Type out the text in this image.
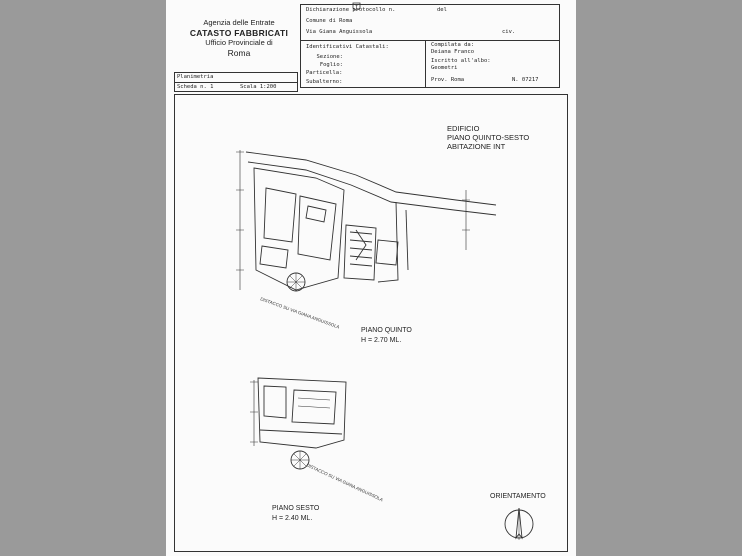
Agenzia delle Entrate
CATASTO FABBRICATI
Ufficio Provinciale di
Roma
Dichiarazione protocollo n.	del
Comune di Roma
Via Giana Anguissola	civ.
Identificativi Catastali:
Sezione:
Foglio:
Particella:
Subalterno:
Compilata da:
Deiana Franco
Iscritto all'albo:
Geometri
Prov. Roma	N. 07217
Planimetria
Scheda n. 1	Scala 1:200
EDIFICIO
PIANO QUINTO-SESTO
ABITAZIONE INT
PIANO QUINTO
H = 2.70 ML.
PIANO SESTO
H = 2.40 ML.
ORIENTAMENTO
DISTACCO SU VIA GIANA ANGUISSOLA
DISTACCO SU VIA GIANA ANGUISSOLA
